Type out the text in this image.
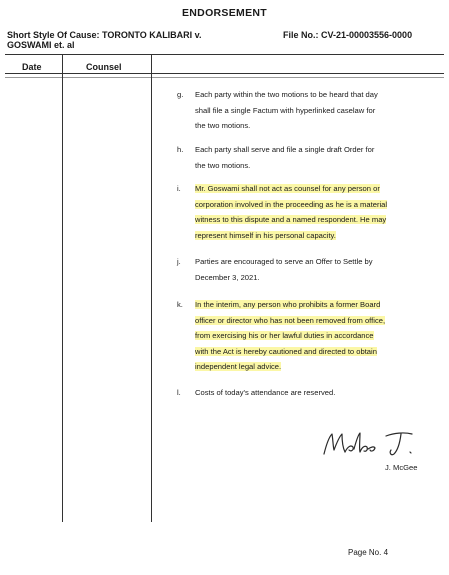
ENDORSEMENT
Short Style Of Cause: TORONTO KALIBARI v.
GOSWAMI et. al
File No.: CV-21-00003556-0000
Date	Counsel
g.	Each party within the two motions to be heard that day
shall file a single Factum with hyperlinked caselaw for
the two motions.
h.	Each party shall serve and file a single draft Order for
the two motions.
i.	Mr. Goswami shall not act as counsel for any person or
corporation involved in the proceeding as he is a material
witness to this dispute and a named respondent. He may
represent himself in his personal capacity.
j.	Parties are encouraged to serve an Offer to Settle by
December 3, 2021.
k.	In the interim, any person who prohibits a former Board
officer or director who has not been removed from office,
from exercising his or her lawful duties in accordance
with the Act is hereby cautioned and directed to obtain
independent legal advice.
l.	Costs of today's attendance are reserved.
J. McGee
Page No. 4
